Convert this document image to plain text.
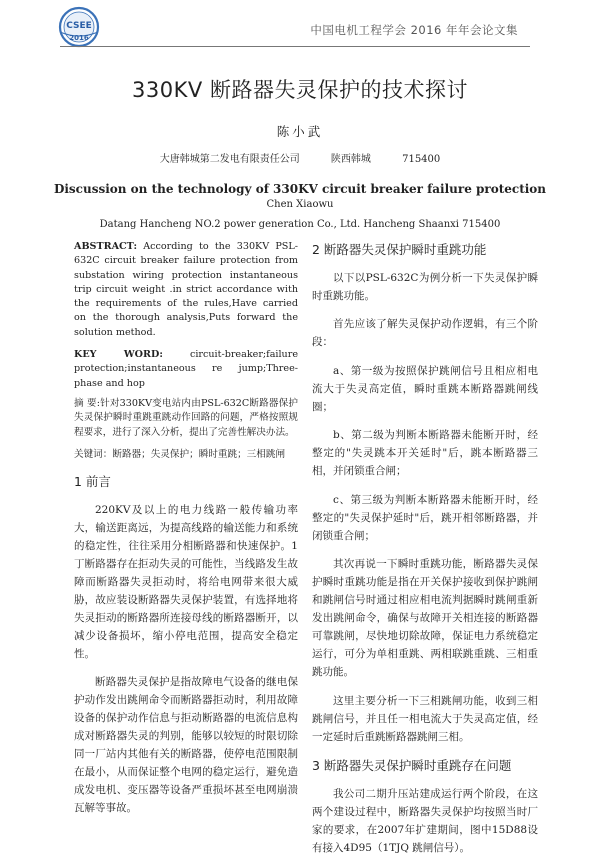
CSEE
2016
中国电机工程学会 2016 年年会论文集
330KV 断路器失灵保护的技术探讨
陈小武
大唐韩城第二发电有限责任公司	陕西韩城	715400
Discussion on the technology of 330KV circuit breaker failure protection
Chen Xiaowu
Datang Hancheng NO.2 power generation Co., Ltd. Hancheng Shaanxi 715400

ABSTRACT: According to the 330KV PSL-632C circuit breaker failure protection from substation wiring protection instantaneous trip circuit weight .in strict accordance with the requirements of the rules,Have carried on the thorough analysis,Puts forward the solution method.

KEY WORD: circuit-breaker;failure protection;instantaneous re jump;Three-phase and hop

摘 要:针对330KV变电站内由PSL-632C断路器保护失灵保护瞬时重跳重跳动作回路的问题，严格按照规程要求，进行了深入分析，提出了完善性解决办法。

关键词：断路器；失灵保护；瞬时重跳；三相跳闸

1 前言

220KV及以上的电力线路一般传输功率大，输送距离远，为提高线路的输送能力和系统的稳定性，往往采用分相断路器和快速保护。1 丁断路器存在拒动失灵的可能性，当线路发生故障而断路器失灵拒动时，将给电网带来很大威胁，故应装设断路器失灵保护装置，有选择地将失灵拒动的断路器所连接母线的断路器断开，以减少设备损坏，缩小停电范围，提高安全稳定性。

断路器失灵保护是指故障电气设备的继电保护动作发出跳闸命令而断路器拒动时，利用故障设备的保护动作信息与拒动断路器的电流信息构成对断路器失灵的判别，能够以较短的时限切除同一厂站内其他有关的断路器，使停电范围限制在最小，从而保证整个电网的稳定运行，避免造成发电机、变压器等设备严重损坏甚至电网崩溃瓦解等事故。

2 断路器失灵保护瞬时重跳功能

以下以PSL-632C为例分析一下失灵保护瞬时重跳功能。

首先应该了解失灵保护动作逻辑，有三个阶段：

a、第一级为按照保护跳闸信号且相应相电流大于失灵高定值，瞬时重跳本断路器跳闸线圈；

b、第二级为判断本断路器未能断开时，经整定的"失灵跳本开关延时"后，跳本断路器三相，并闭锁重合闸；

c、第三级为判断本断路器未能断开时，经整定的"失灵保护延时"后，跳开相邻断路器，并闭锁重合闸；

其次再说一下瞬时重跳功能，断路器失灵保护瞬时重跳功能是指在开关保护接收到保护跳闸和跳闸信号时通过相应相电流判据瞬时跳闸重新发出跳闸命令，确保与故障开关相连接的断路器可靠跳闸，尽快地切除故障，保证电力系统稳定运行，可分为单相重跳、两相联跳重跳、三相重跳功能。

这里主要分析一下三相跳闸功能，收到三相跳闸信号，并且任一相电流大于失灵高定值，经一定延时后重跳断路器跳闸三相。

3 断路器失灵保护瞬时重跳存在问题

我公司二期升压站建成运行两个阶段，在这两个建设过程中，断路器失灵保护均按照当时厂家的要求，在2007年扩建期间，图中15D88设有接入4D95（1TJQ 跳闸信号）。
